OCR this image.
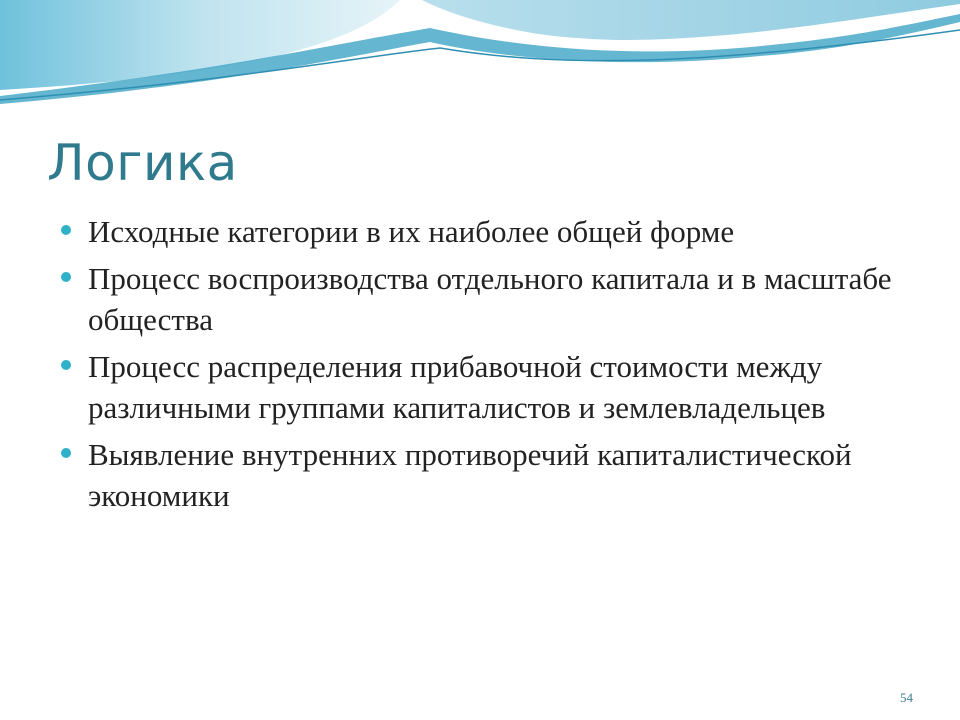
Логика
Исходные категории в их наиболее общей форме
Процесс воспроизводства отдельного капитала и в масштабе общества
Процесс распределения прибавочной стоимости между различными группами капиталистов и землевладельцев
Выявление внутренних противоречий капиталистической экономики
54
